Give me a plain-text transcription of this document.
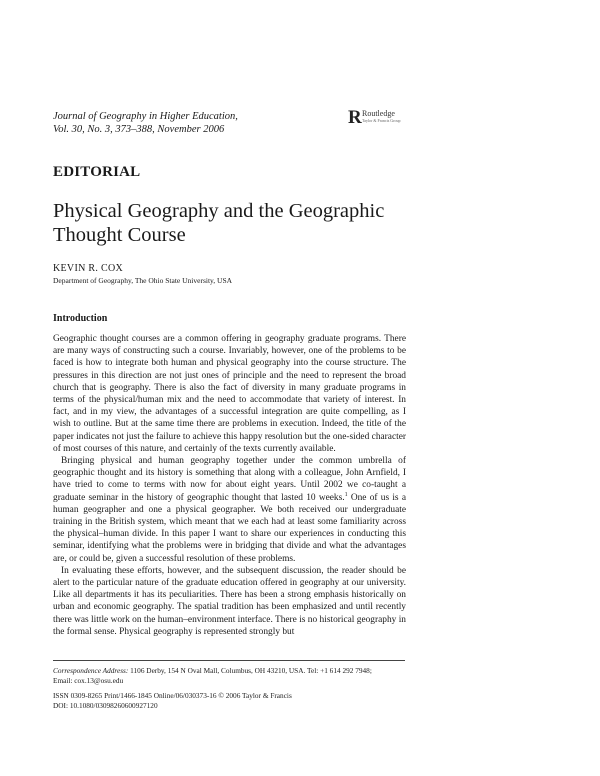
Journal of Geography in Higher Education,
Vol. 30, No. 3, 373–388, November 2006
R Routledge
Taylor & Francis Group
EDITORIAL
Physical Geography and the Geographic
Thought Course
KEVIN R. COX
Department of Geography, The Ohio State University, USA
Introduction

Geographic thought courses are a common offering in geography graduate programs. There are many ways of constructing such a course. Invariably, however, one of the problems to be faced is how to integrate both human and physical geography into the course structure. The pressures in this direction are not just ones of principle and the need to represent the broad church that is geography. There is also the fact of diversity in many graduate programs in terms of the physical/human mix and the need to accommodate that variety of interest. In fact, and in my view, the advantages of a successful integration are quite compelling, as I wish to outline. But at the same time there are problems in execution. Indeed, the title of the paper indicates not just the failure to achieve this happy resolution but the one-sided character of most courses of this nature, and certainly of the texts currently available.

Bringing physical and human geography together under the common umbrella of geographic thought and its history is something that along with a colleague, John Arnfield, I have tried to come to terms with now for about eight years. Until 2002 we co-taught a graduate seminar in the history of geographic thought that lasted 10 weeks.$^1$ One of us is a human geographer and one a physical geographer. We both received our undergraduate training in the British system, which meant that we each had at least some familiarity across the physical–human divide. In this paper I want to share our experiences in conducting this seminar, identifying what the problems were in bridging that divide and what the advantages are, or could be, given a successful resolution of these problems.

In evaluating these efforts, however, and the subsequent discussion, the reader should be alert to the particular nature of the graduate education offered in geography at our university. Like all departments it has its peculiarities. There has been a strong emphasis historically on urban and economic geography. The spatial tradition has been emphasized and until recently there was little work on the human–environment interface. There is no historical geography in the formal sense. Physical geography is represented strongly but

Correspondence Address: 1106 Derby, 154 N Oval Mall, Columbus, OH 43210, USA. Tel: +1 614 292 7948;
Email: cox.13@osu.edu
ISSN 0309-8265 Print/1466-1845 Online/06/030373-16 © 2006 Taylor & Francis
DOI: 10.1080/03098260600927120
